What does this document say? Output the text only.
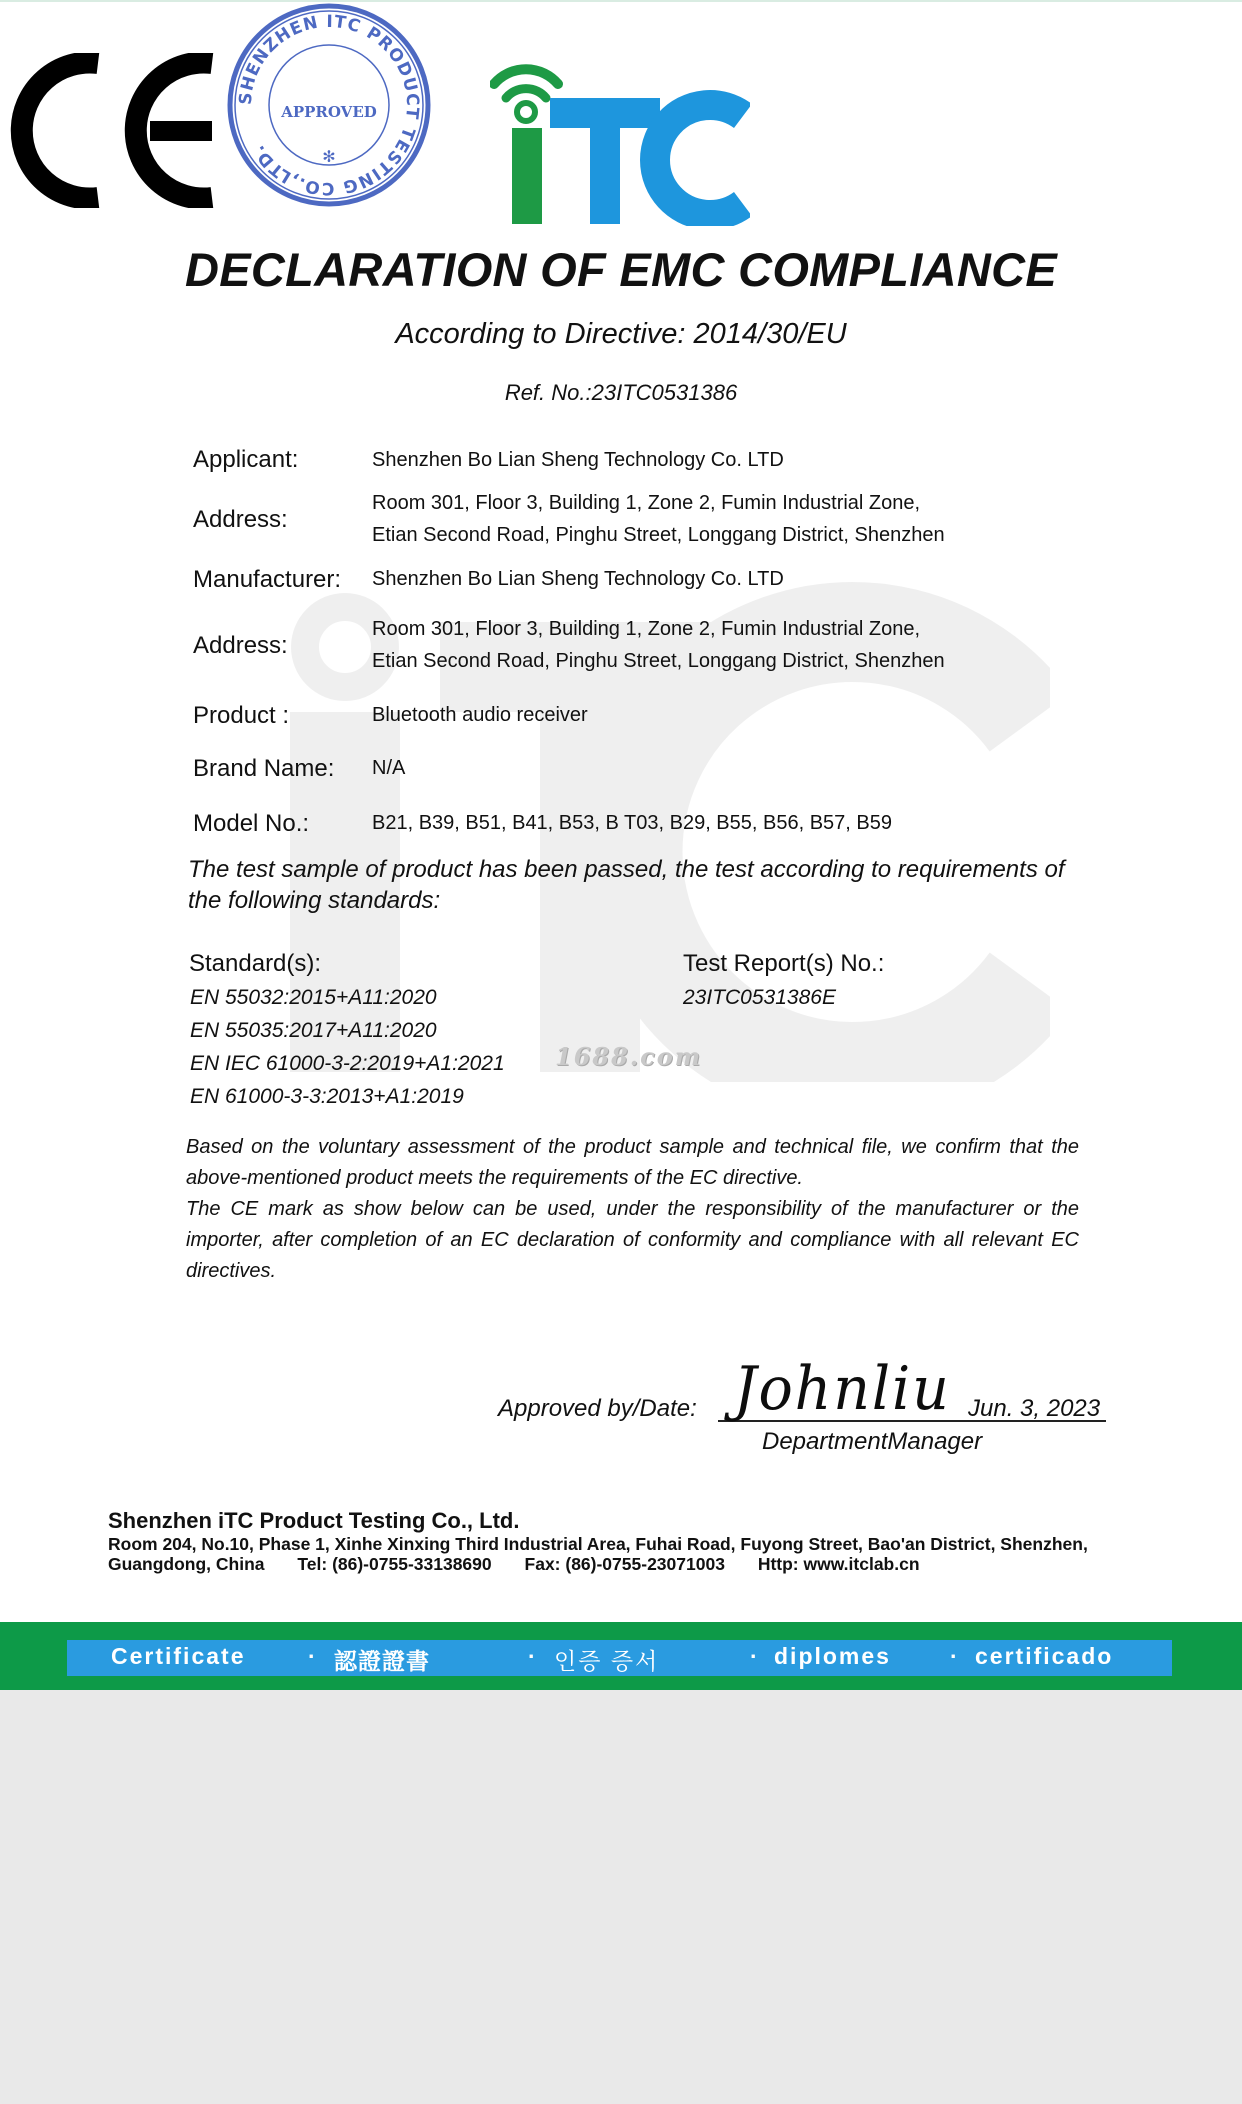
DECLARATION OF EMC COMPLIANCE
According to Directive: 2014/30/EU
Ref. No.:23ITC0531386
Applicant:	Shenzhen Bo Lian Sheng Technology Co. LTD
Address:
Room 301, Floor 3, Building 1, Zone 2, Fumin Industrial Zone,
Etian Second Road, Pinghu Street, Longgang District, Shenzhen
Manufacturer: Shenzhen Bo Lian Sheng Technology Co. LTD
Address:
Room 301, Floor 3, Building 1, Zone 2, Fumin Industrial Zone,
Etian Second Road, Pinghu Street, Longgang District, Shenzhen
Product :	Bluetooth audio receiver
Brand Name: N/A
Model No.:	B21, B39, B51, B41, B53, B T03, B29, B55, B56, B57, B59
The test sample of product has been passed, the test according to requirements of the following standards:
Standard(s):
EN 55032:2015+A11:2020
EN 55035:2017+A11:2020
EN IEC 61000-3-2:2019+A1:2021
EN 61000-3-3:2013+A1:2019
Test Report(s) No.:
23ITC0531386E
1688.com

Based on the voluntary assessment of the product sample and technical file, we confirm that the above-mentioned product meets the requirements of the EC directive.

The CE mark as show below can be used, under the responsibility of the manufacturer or the importer, after completion of an EC declaration of conformity and compliance with all relevant EC directives.

SHENZHEN ITC PRODUCT TESTING CO.,LTD.
APPROVED
✻
Approved by/Date: Johnliu Jun. 3, 2023
DepartmentManager
Shenzhen iTC Product Testing Co., Ltd.
Room 204, No.10, Phase 1, Xinhe Xinxing Third Industrial Area, Fuhai Road, Fuyong Street, Bao'an District, Shenzhen,
Guangdong, China Tel: (86)-0755-33138690 Fax: (86)-0755-23071003 Http: www.itclab.cn
Certificate	· 認證證書	· 인증 증서	· diplomes	· certificado
